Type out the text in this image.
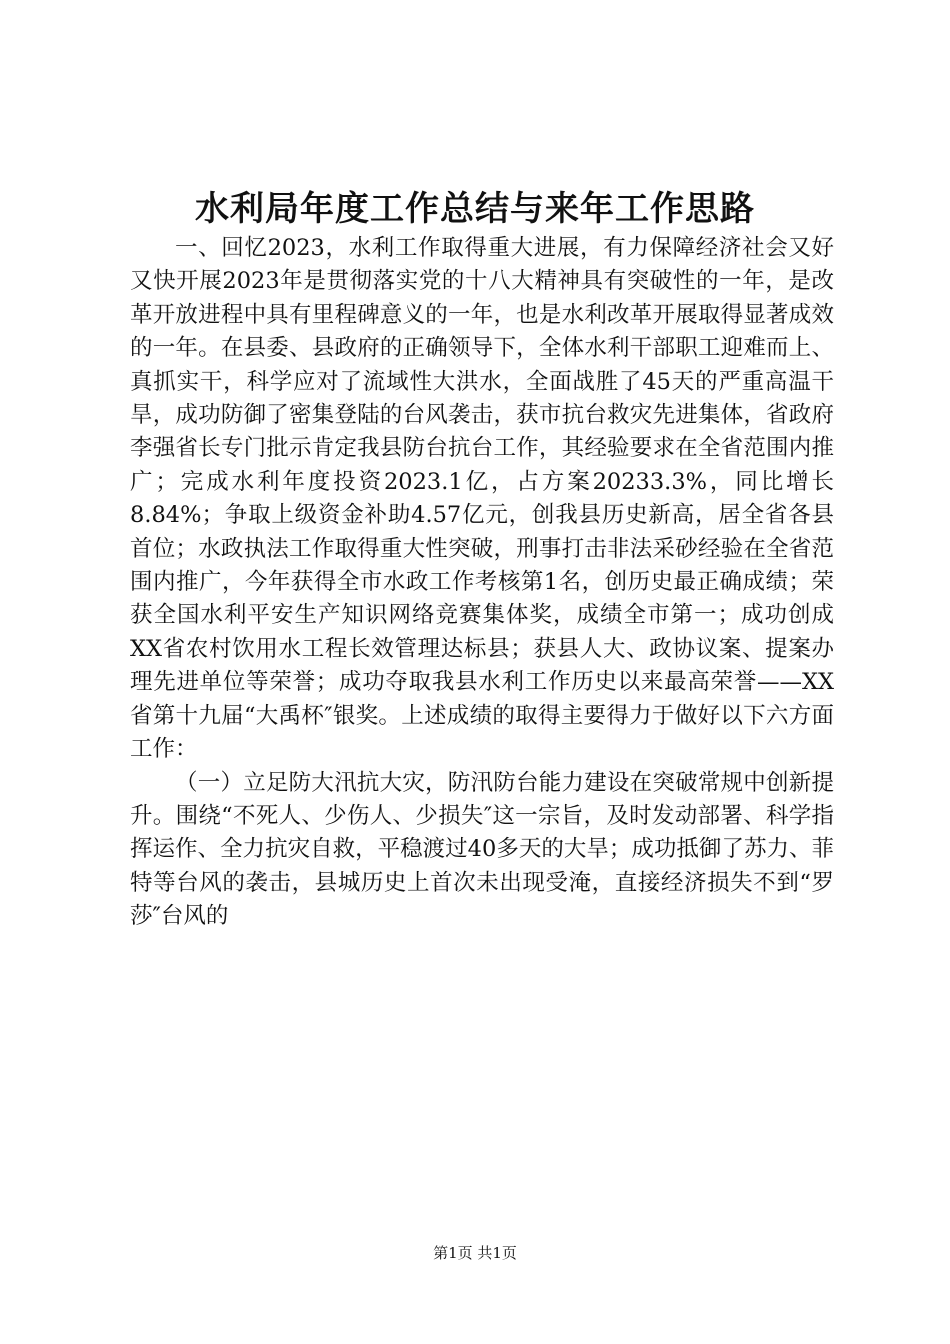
水利局年度工作总结与来年工作思路

一、回忆2023，水利工作取得重大进展，有力保障经济社会又好又快开展2023年是贯彻落实党的十八大精神具有突破性的一年，是改革开放进程中具有里程碑意义的一年，也是水利改革开展取得显著成效的一年。在县委、县政府的正确领导下，全体水利干部职工迎难而上、真抓实干，科学应对了流域性大洪水，全面战胜了45天的严重高温干旱，成功防御了密集登陆的台风袭击，获市抗台救灾先进集体，省政府李强省长专门批示肯定我县防台抗台工作，其经验要求在全省范围内推广；完成水利年度投资2023.1亿，占方案20233.3%，同比增长8.84%；争取上级资金补助4.57亿元，创我县历史新高，居全省各县首位；水政执法工作取得重大性突破，刑事打击非法采砂经验在全省范围内推广，今年获得全市水政工作考核第1名，创历史最正确成绩；荣获全国水利平安生产知识网络竞赛集体奖，成绩全市第一；成功创成XX省农村饮用水工程长效管理达标县；获县人大、政协议案、提案办理先进单位等荣誉；成功夺取我县水利工作历史以来最高荣誉——XX省第十九届“大禹杯″银奖。上述成绩的取得主要得力于做好以下六方面工作：

（一）立足防大汛抗大灾，防汛防台能力建设在突破常规中创新提升。围绕“不死人、少伤人、少损失″这一宗旨，及时发动部署、科学指挥运作、全力抗灾自救，平稳渡过40多天的大旱；成功抵御了苏力、菲特等台风的袭击，县城历史上首次未出现受淹，直接经济损失不到“罗莎″台风的

第1页 共1页
